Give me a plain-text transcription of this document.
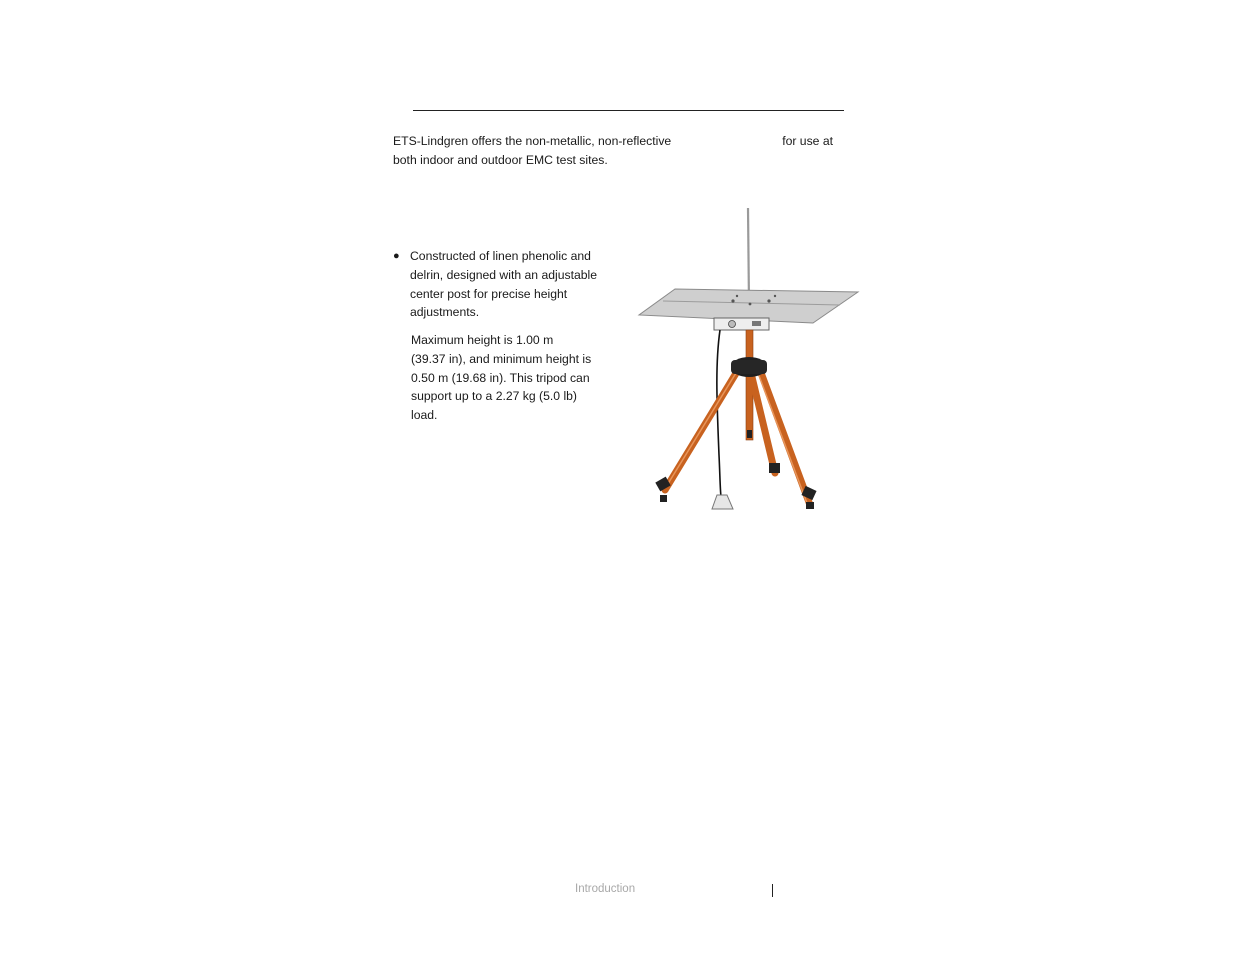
ETS-Lindgren offers the non-metallic, non-reflective	for use at
both indoor and outdoor EMC test sites.
● Constructed of linen phenolic and
delrin, designed with an adjustable
center post for precise height
adjustments.
Maximum height is 1.00 m
(39.37 in), and minimum height is
0.50 m (19.68 in). This tripod can
support up to a 2.27 kg (5.0 lb)
load.
Introduction
